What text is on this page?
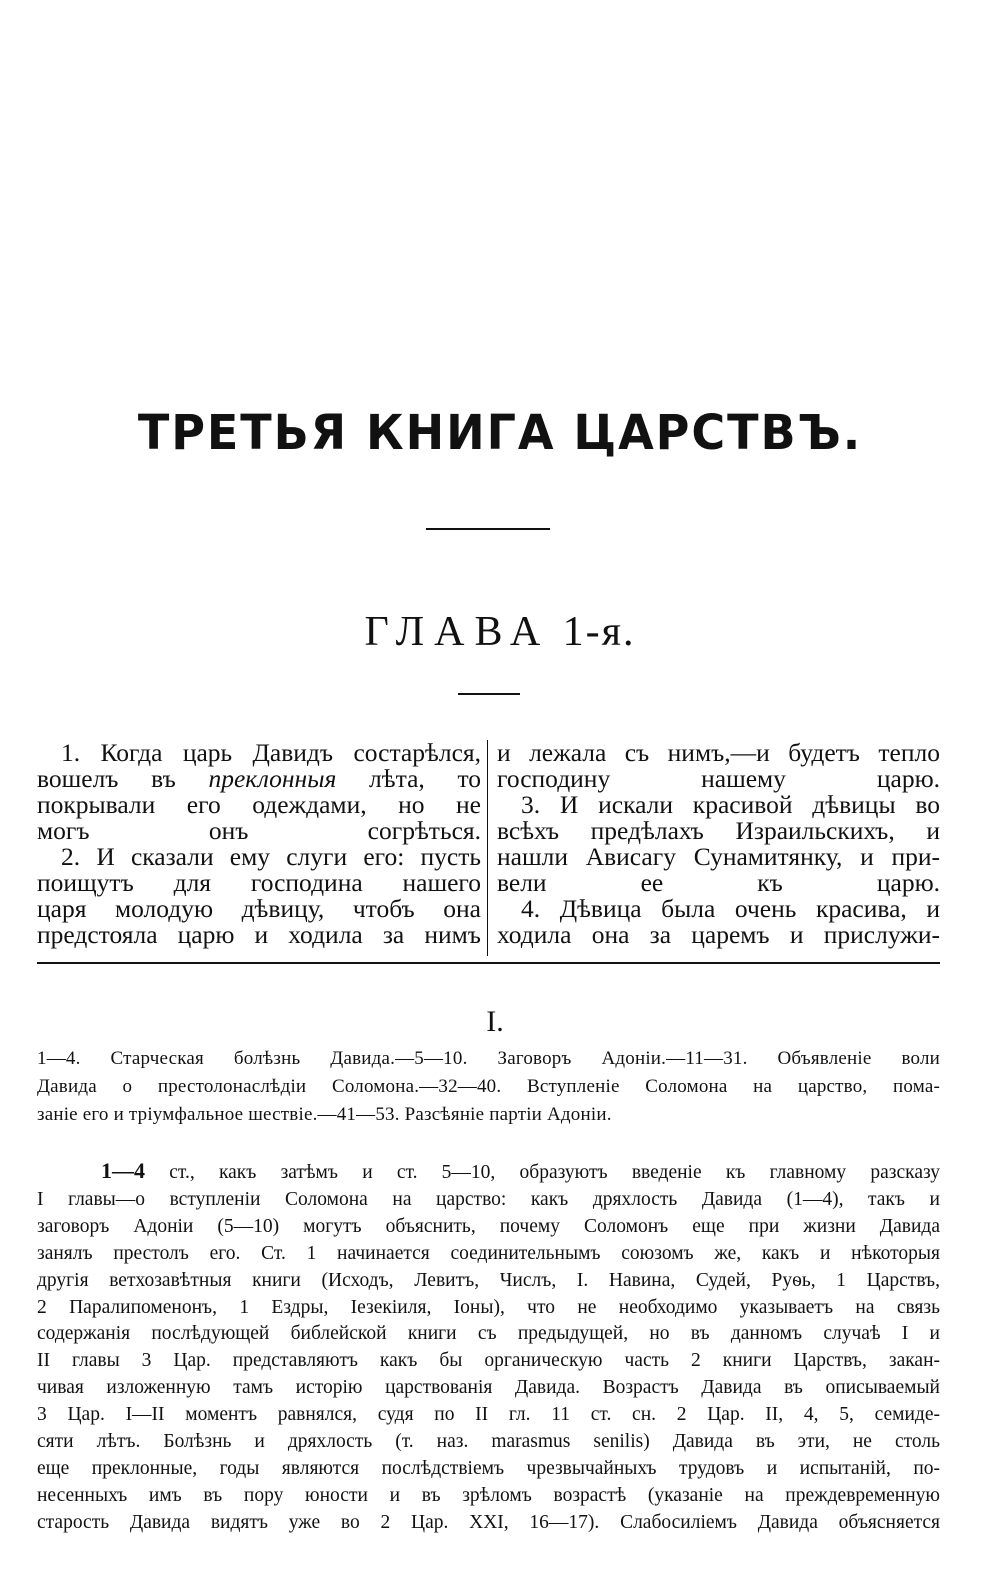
ТРЕТЬЯ КНИГА ЦАРСТВЪ.
ГЛАВА 1-я.

1. Когда царь Давидъ состарѣлся,
вошелъ въ преклонныя лѣта, то
покрывали его одеждами, но не
могъ онъ согрѣться.

2. И сказали ему слуги его: пусть
поищутъ для господина нашего
царя молодую дѣвицу, чтобъ она
предстояла царю и ходила за нимъ

и лежала съ нимъ,—и будетъ тепло
господину нашему царю.

3. И искали красивой дѣвицы во
всѣхъ предѣлахъ Израильскихъ, и
нашли Ависагу Сунамитянку, и при-
вели ее къ царю.

4. Дѣвица была очень красива, и
ходила она за царемъ и прислужи-

I.
1—4. Старческая болѣзнь Давида.—5—10. Заговоръ Адоніи.—11—31. Объявленіе воли
Давида о престолонаслѣдіи Соломона.—32—40. Вступленіе Соломона на царство, пома-
заніе его и тріумфальное шествіе.—41—53. Разсѣяніе партіи Адоніи.
1—4 ст., какъ затѣмъ и ст. 5—10, образуютъ введеніе къ главному разсказу
I главы—о вступленіи Соломона на царство: какъ дряхлость Давида (1—4), такъ и
заговоръ Адоніи (5—10) могутъ объяснить, почему Соломонъ еще при жизни Давида
занялъ престолъ его. Ст. 1 начинается соединительнымъ союзомъ же, какъ и нѣкоторыя
другія ветхозавѣтныя книги (Исходъ, Левитъ, Числъ, І. Навина, Судей, Руѳь, 1 Царствъ,
2 Паралипоменонъ, 1 Ездры, Іезекіиля, Іоны), что не необходимо указываетъ на связь
содержанія послѣдующей библейской книги съ предыдущей, но въ данномъ случаѣ I и
II главы 3 Цар. представляютъ какъ бы органическую часть 2 книги Царствъ, закан-
чивая изложенную тамъ исторію царствованія Давида. Возрастъ Давида въ описываемый
3 Цар. I—II моментъ равнялся, судя по II гл. 11 ст. сн. 2 Цар. II, 4, 5, семиде-
сяти лѣтъ. Болѣзнь и дряхлость (т. наз. marasmus senilis) Давида въ эти, не столь
еще преклонные, годы являются послѣдствіемъ чрезвычайныхъ трудовъ и испытаній, по-
несенныхъ имъ въ пору юности и въ зрѣломъ возрастѣ (указаніе на преждевременную
старость Давида видятъ уже во 2 Цар. XXI, 16—17). Слабосиліемъ Давида объясняется
